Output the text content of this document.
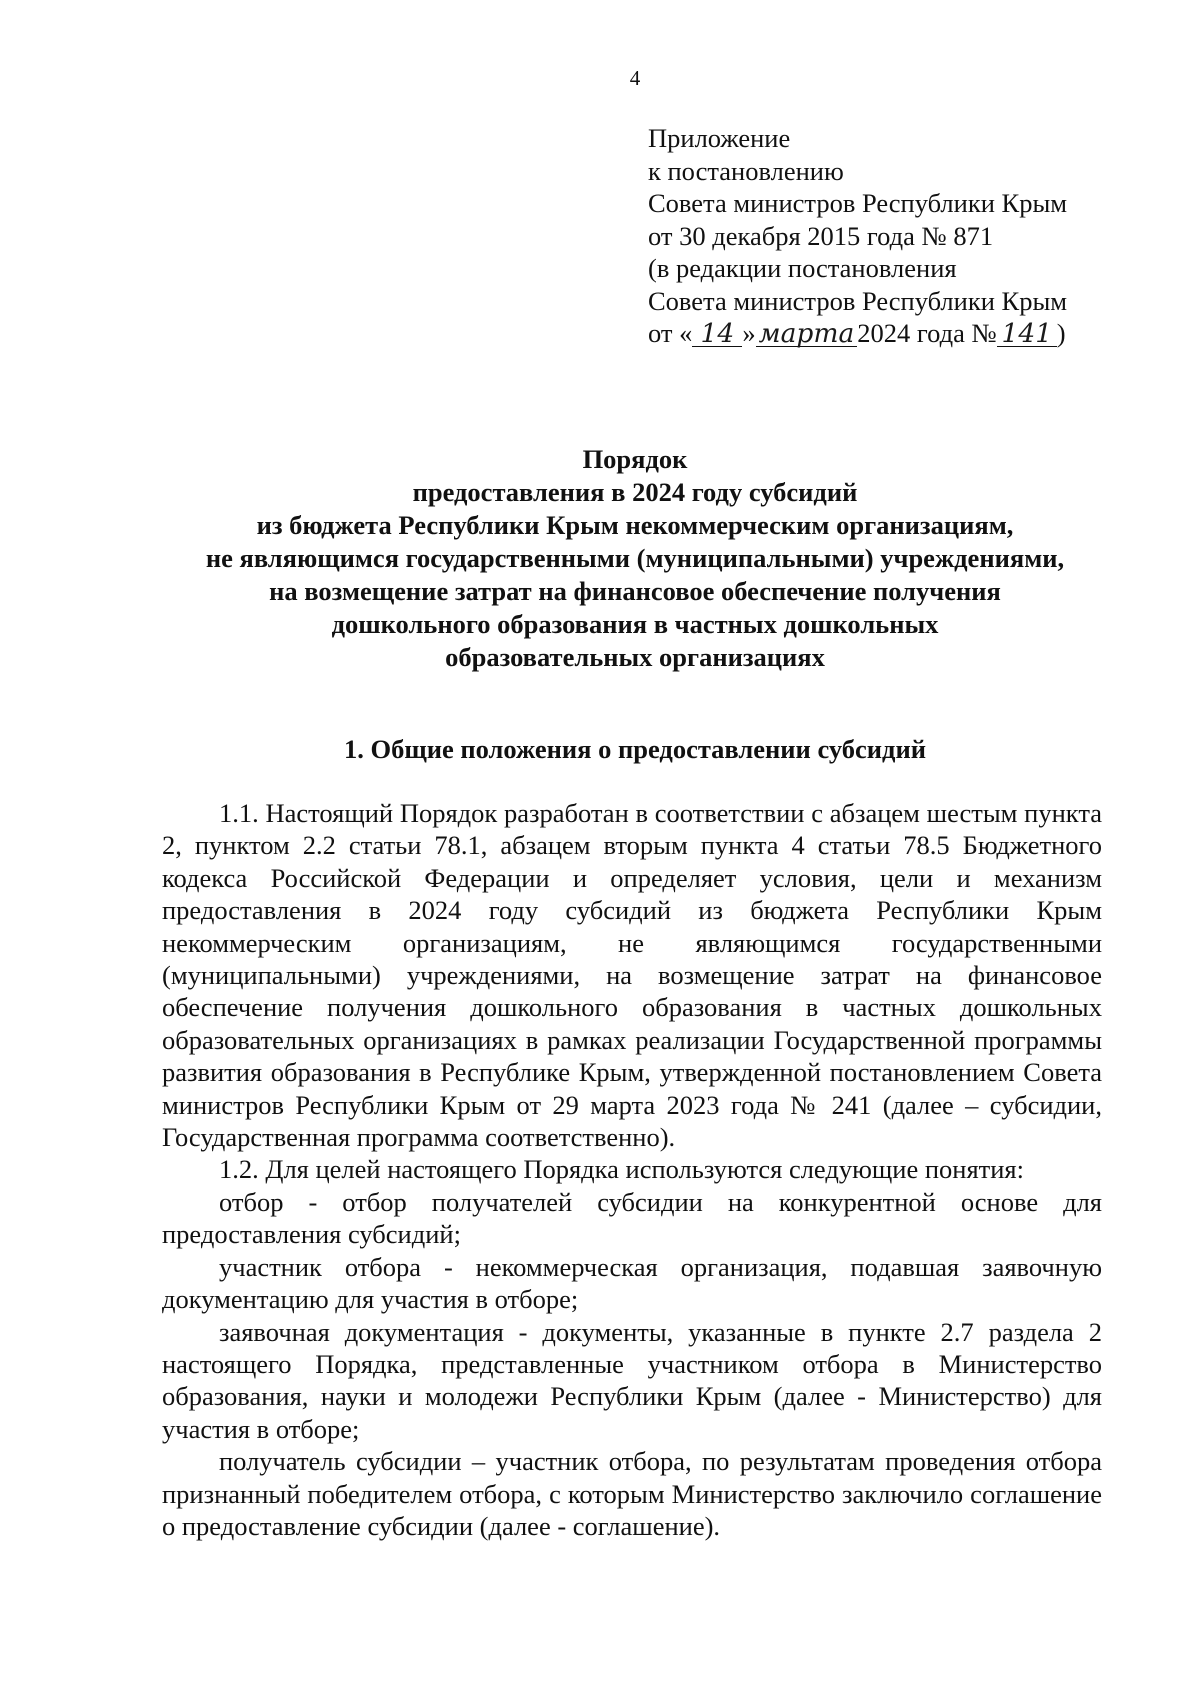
4
Приложение
к постановлению
Совета министров Республики Крым
от 30 декабря 2015 года № 871
(в редакции постановления
Совета министров Республики Крым
от « 14 » марта 2024 года № 141 )
Порядок
предоставления в 2024 году субсидий
из бюджета Республики Крым некоммерческим организациям,
не являющимся государственными (муниципальными) учреждениями,
на возмещение затрат на финансовое обеспечение получения
дошкольного образования в частных дошкольных
образовательных организациях
1. Общие положения о предоставлении субсидий

1.1. Настоящий Порядок разработан в соответствии с абзацем шестым пункта 2, пунктом 2.2 статьи 78.1, абзацем вторым пункта 4 статьи 78.5 Бюджетного кодекса Российской Федерации и определяет условия, цели и механизм предоставления в 2024 году субсидий из бюджета Республики Крым некоммерческим организациям, не являющимся государственными (муниципальными) учреждениями, на возмещение затрат на финансовое обеспечение получения дошкольного образования в частных дошкольных образовательных организациях в рамках реализации Государственной программы развития образования в Республике Крым, утвержденной постановлением Совета министров Республики Крым от 29 марта 2023 года № 241 (далее – субсидии, Государственная программа соответственно).

1.2. Для целей настоящего Порядка используются следующие понятия:

отбор - отбор получателей субсидии на конкурентной основе для предоставления субсидий;

участник отбора - некоммерческая организация, подавшая заявочную документацию для участия в отборе;

заявочная документация - документы, указанные в пункте 2.7 раздела 2 настоящего Порядка, представленные участником отбора в Министерство образования, науки и молодежи Республики Крым (далее - Министерство) для участия в отборе;

получатель субсидии – участник отбора, по результатам проведения отбора признанный победителем отбора, с которым Министерство заключило соглашение о предоставление субсидии (далее - соглашение).
